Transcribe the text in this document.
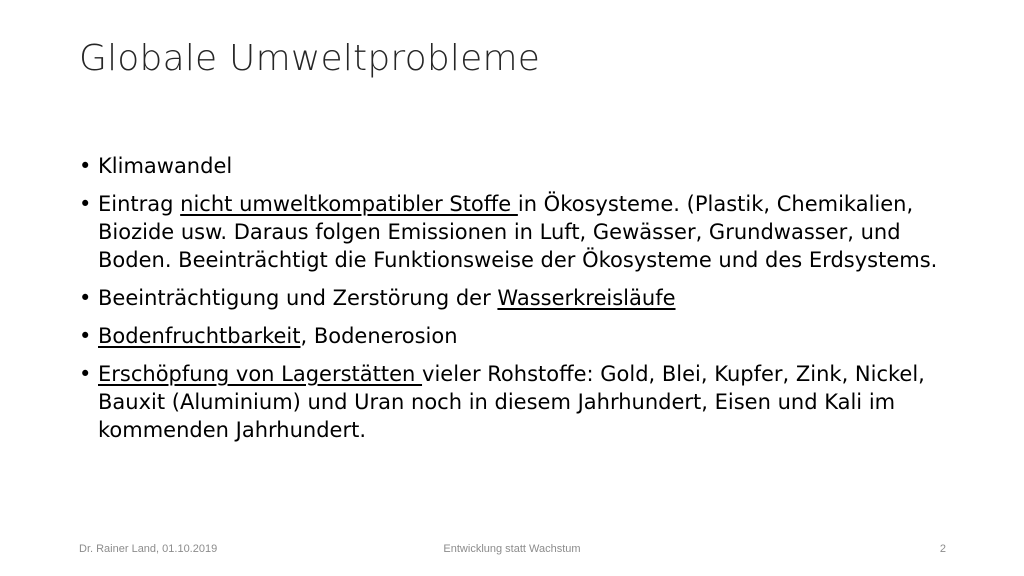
Globale Umweltprobleme
• Klimawandel
• Eintrag nicht umweltkompatibler Stoffe in Ökosysteme. (Plastik, Chemikalien, Biozide usw. Daraus folgen Emissionen in Luft, Gewässer, Grundwasser, und Boden. Beeinträchtigt die Funktionsweise der Ökosysteme und des Erdsystems.
• Beeinträchtigung und Zerstörung der Wasserkreisläufe
• Bodenfruchtbarkeit, Bodenerosion
• Erschöpfung von Lagerstätten vieler Rohstoffe: Gold, Blei, Kupfer, Zink, Nickel, Bauxit (Aluminium) und Uran noch in diesem Jahrhundert, Eisen und Kali im kommenden Jahrhundert.
Dr. Rainer Land, 01.10.2019	Entwicklung statt Wachstum	2
